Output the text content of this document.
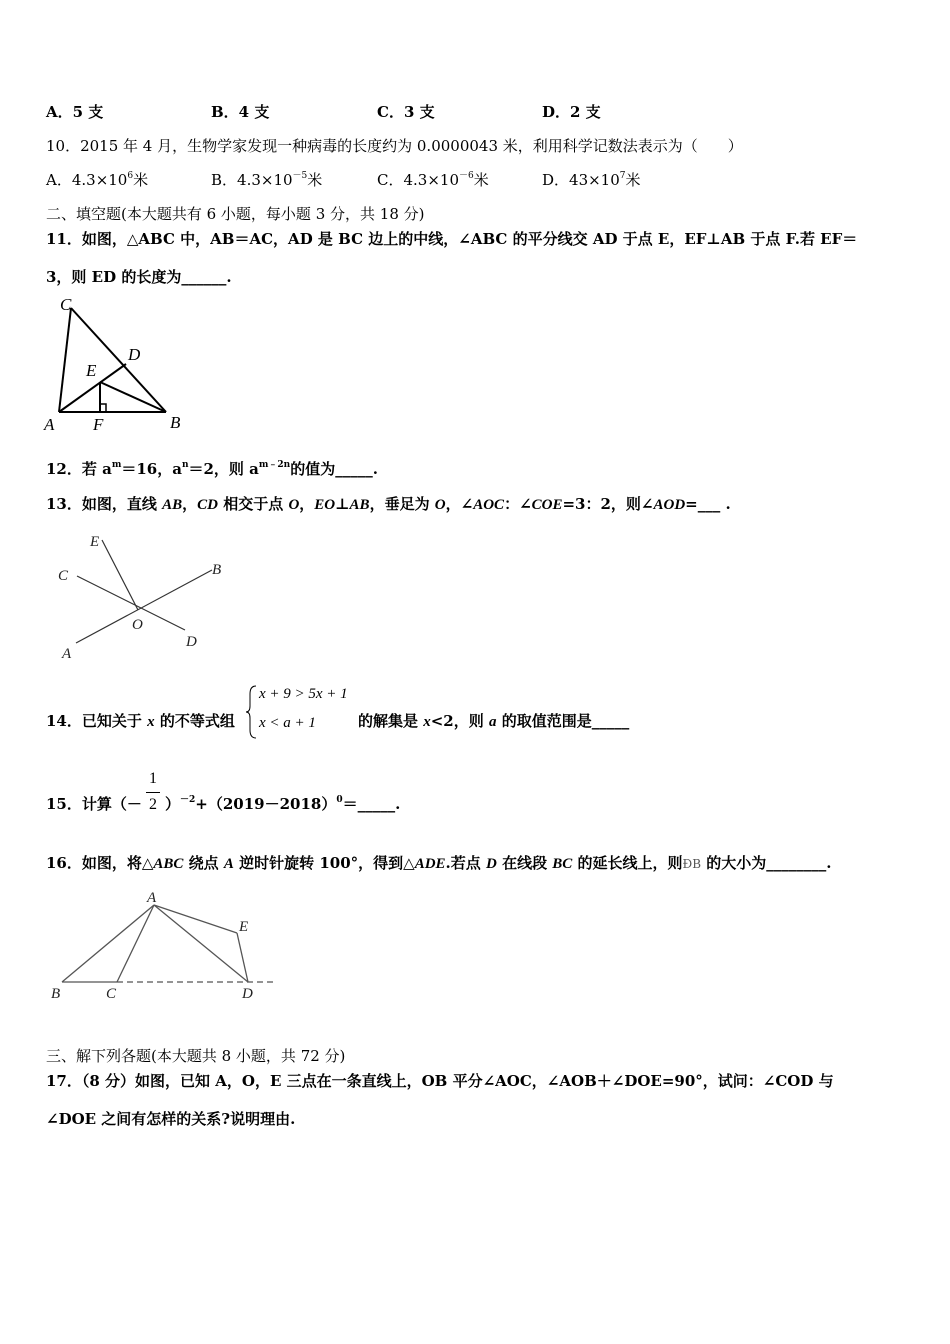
A．5 支	B．4 支	C．3 支	D．2 支
10．2015 年 4 月，生物学家发现一种病毒的长度约为 0.0000043 米，利用科学记数法表示为（　　）
A．$4.3\times 10^6$米	B．$4.3\times 10^{-5}$米	C．$4.3\times 10^{-6}$米	D．$43\times 10^7$米
二、填空题(本大题共有 6 小题，每小题 3 分，共 18 分)
11．如图，△ABC 中，AB＝AC，AD 是 BC 边上的中线，∠ABC 的平分线交 AD 于点 E，EF⊥AB 于点 F.若 EF＝
3，则 ED 的长度为______.
C
D
E
A F	B
12．若 $a^m=16$，$a^n=2$，则 $a^{m﹣2n}$的值为_____.
13．如图，直线 AB，CD 相交于点 O，EO⊥AB，垂足为 O，∠AOC：∠COE=3：2，则∠AOD=___ .
E
C	B
O
A
D
14．已知关于 x 的不等式组
x + 9 > 5x + 1
x < a + 1	的解集是 x<2，则 a 的取值范围是_____
15．计算（－
1
2 ）$^{-2}+(2019-2018)^0=\_\_\_\_\_$.
16．如图，将△ABC 绕点 A 逆时针旋转 100°，得到△ADE.若点 D 在线段 BC 的延长线上，则ÐB 的大小为________.
A
E
B	C	D
三、解下列各题(本大题共 8 小题，共 72 分)
17．（8 分）如图，已知 A，O，E 三点在一条直线上，OB 平分∠AOC，∠AOB＋∠DOE=90°，试问：∠COD 与
∠DOE 之间有怎样的关系?说明理由.
